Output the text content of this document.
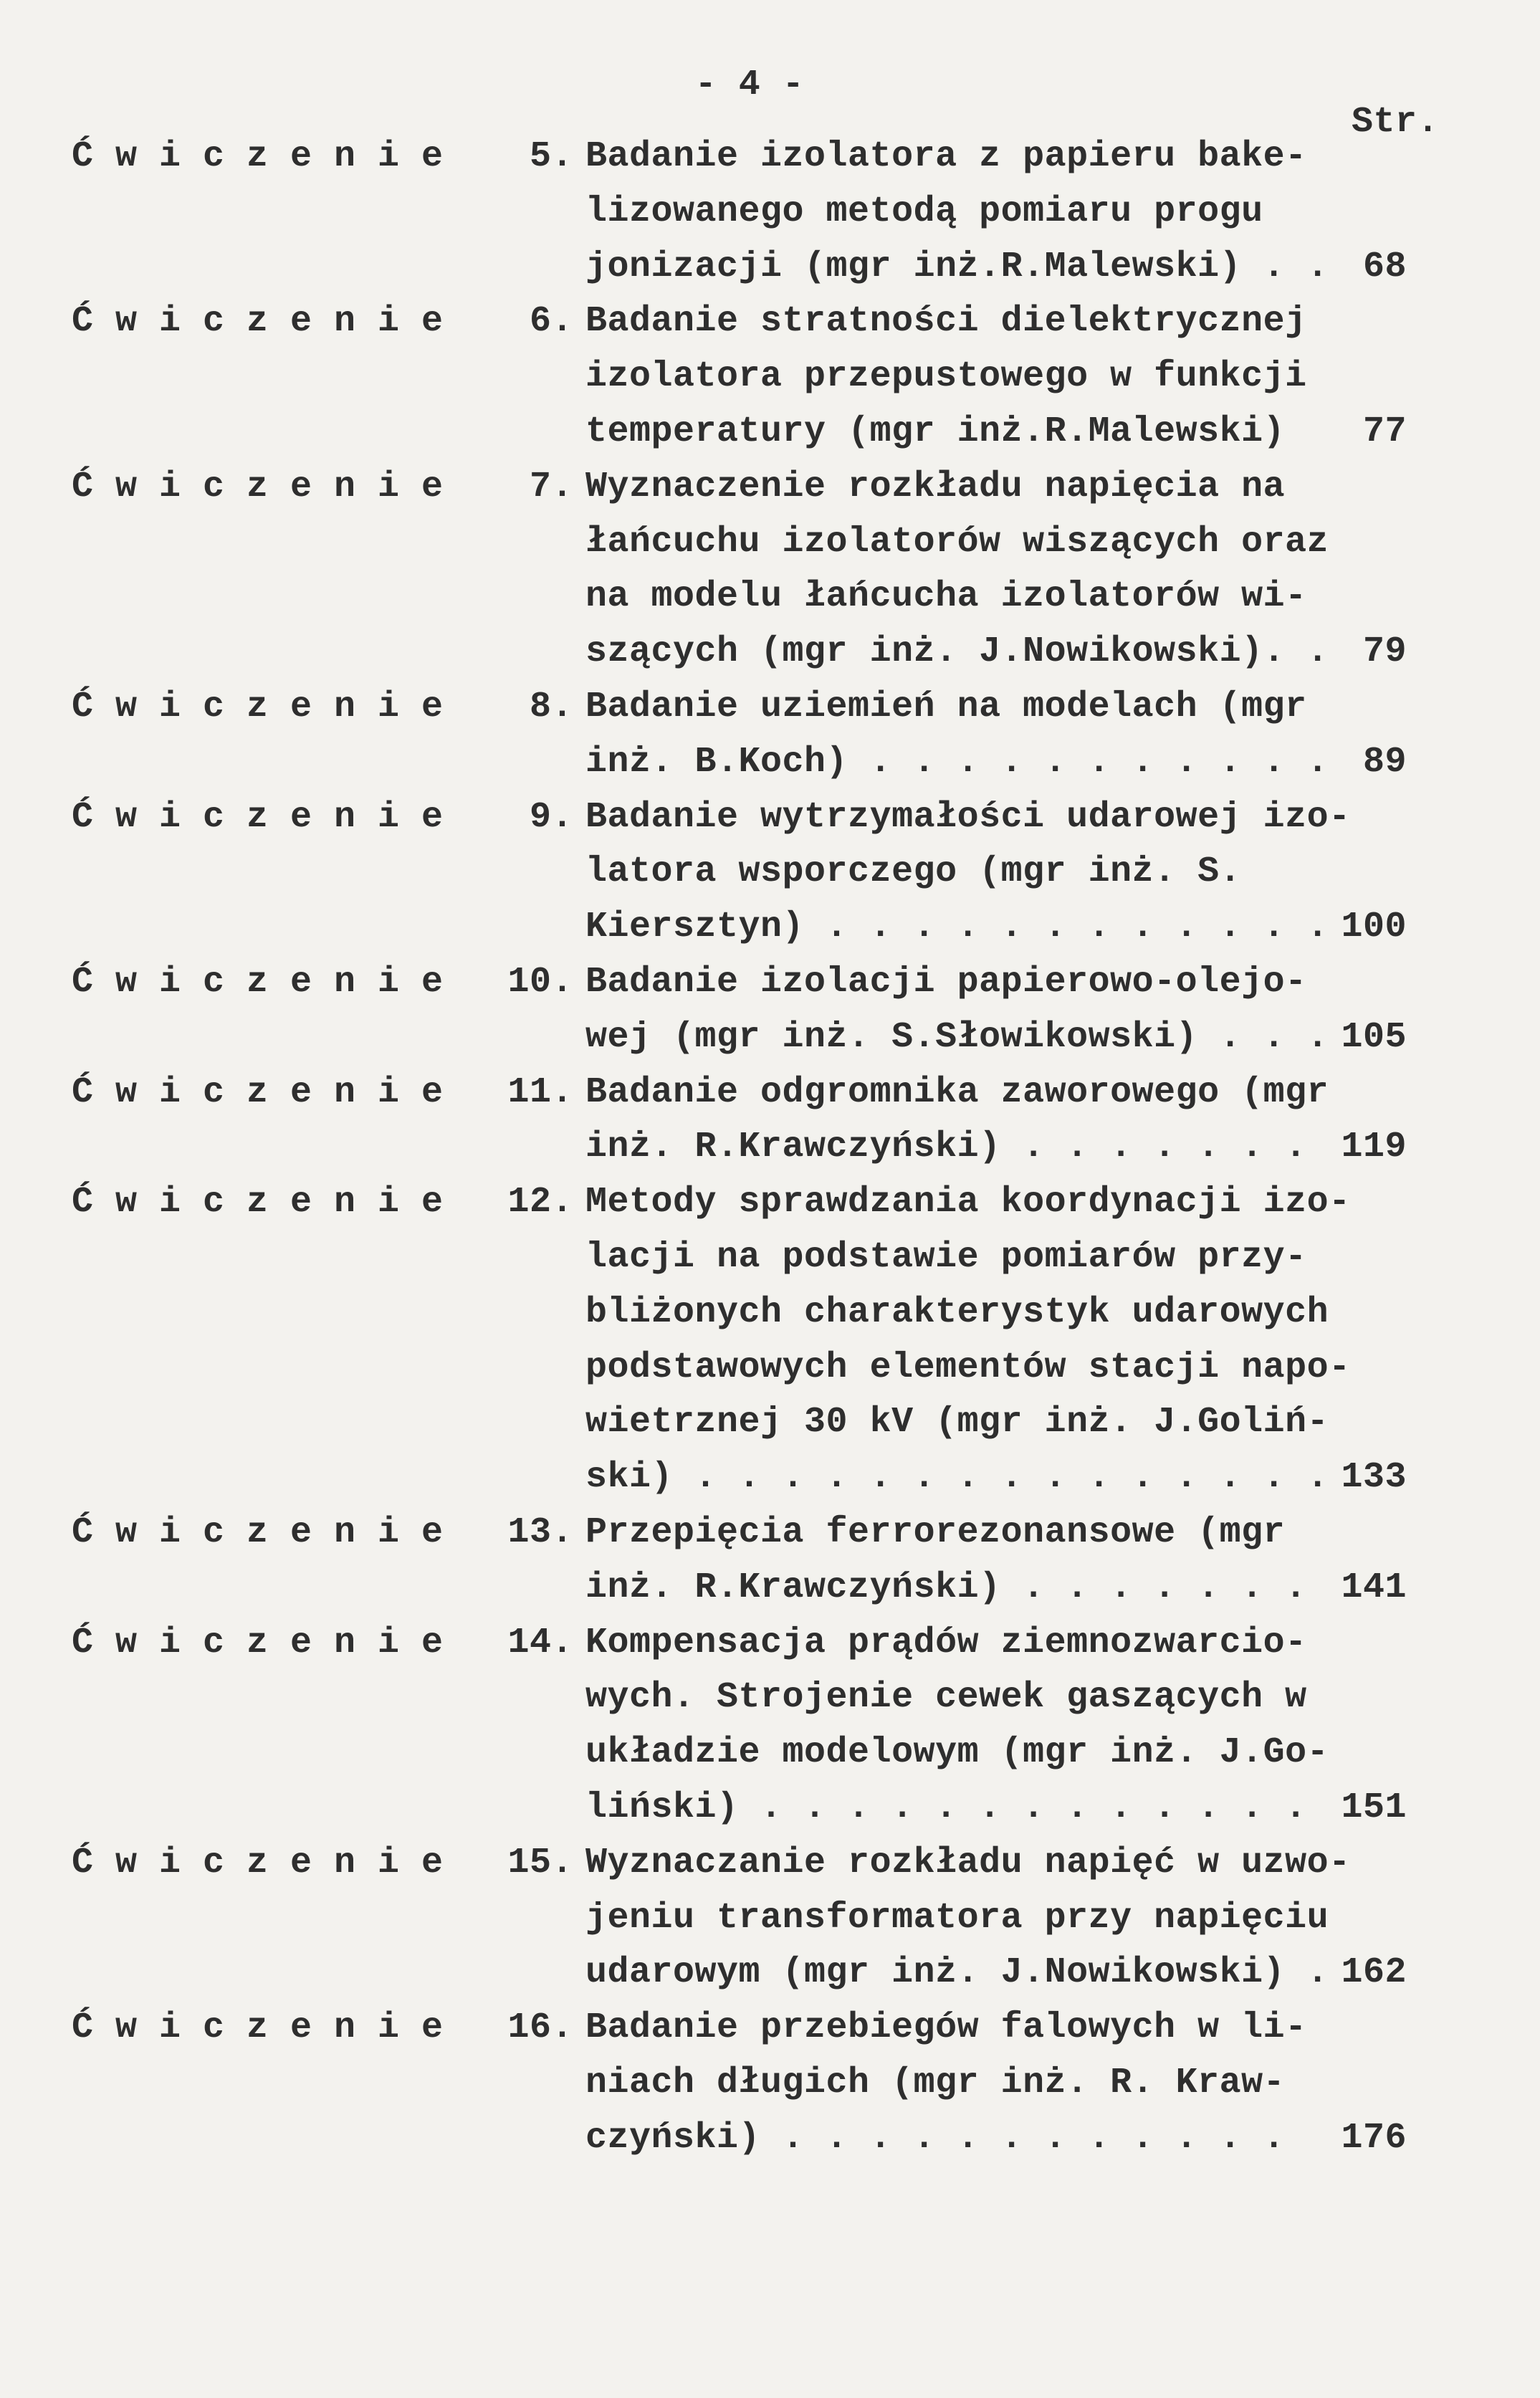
- 4 -
Str.
Ćwiczenie	5. Badanie izolatora z papieru bake-
lizowanego metodą pomiaru progu
jonizacji (mgr inż.R.Malewski) . . 68
Ćwiczenie	6. Badanie stratności dielektrycznej
izolatora przepustowego w funkcji
temperatury (mgr inż.R.Malewski)	77
Ćwiczenie	7. Wyznaczenie rozkładu napięcia na
łańcuchu izolatorów wiszących oraz
na modelu łańcucha izolatorów wi-
szących (mgr inż. J.Nowikowski). . 79
Ćwiczenie	8. Badanie uziemień na modelach (mgr
inż. B.Koch) . . . . . . . . . . . 89
Ćwiczenie	9. Badanie wytrzymałości udarowej izo-
latora wsporczego (mgr inż. S.
Kiersztyn) . . . . . . . . . . . . 100
Ćwiczenie	10. Badanie izolacji papierowo-olejo-
wej (mgr inż. S.Słowikowski) . . . 105
Ćwiczenie	11. Badanie odgromnika zaworowego (mgr
inż. R.Krawczyński) . . . . . . . 119
Ćwiczenie	12. Metody sprawdzania koordynacji izo-
lacji na podstawie pomiarów przy-
bliżonych charakterystyk udarowych
podstawowych elementów stacji napo-
wietrznej 30 kV (mgr inż. J.Goliń-
ski) . . . . . . . . . . . . . . . 133
Ćwiczenie	13. Przepięcia ferrorezonansowe (mgr
inż. R.Krawczyński) . . . . . . . 141
Ćwiczenie	14. Kompensacja prądów ziemnozwarcio-
wych. Strojenie cewek gaszących w
układzie modelowym (mgr inż. J.Go-
liński) . . . . . . . . . . . . . 151
Ćwiczenie	15. Wyznaczanie rozkładu napięć w uzwo-
jeniu transformatora przy napięciu
udarowym (mgr inż. J.Nowikowski) . 162
Ćwiczenie	16. Badanie przebiegów falowych w li-
niach długich (mgr inż. R. Kraw-
czyński) . . . . . . . . . . . .	176
